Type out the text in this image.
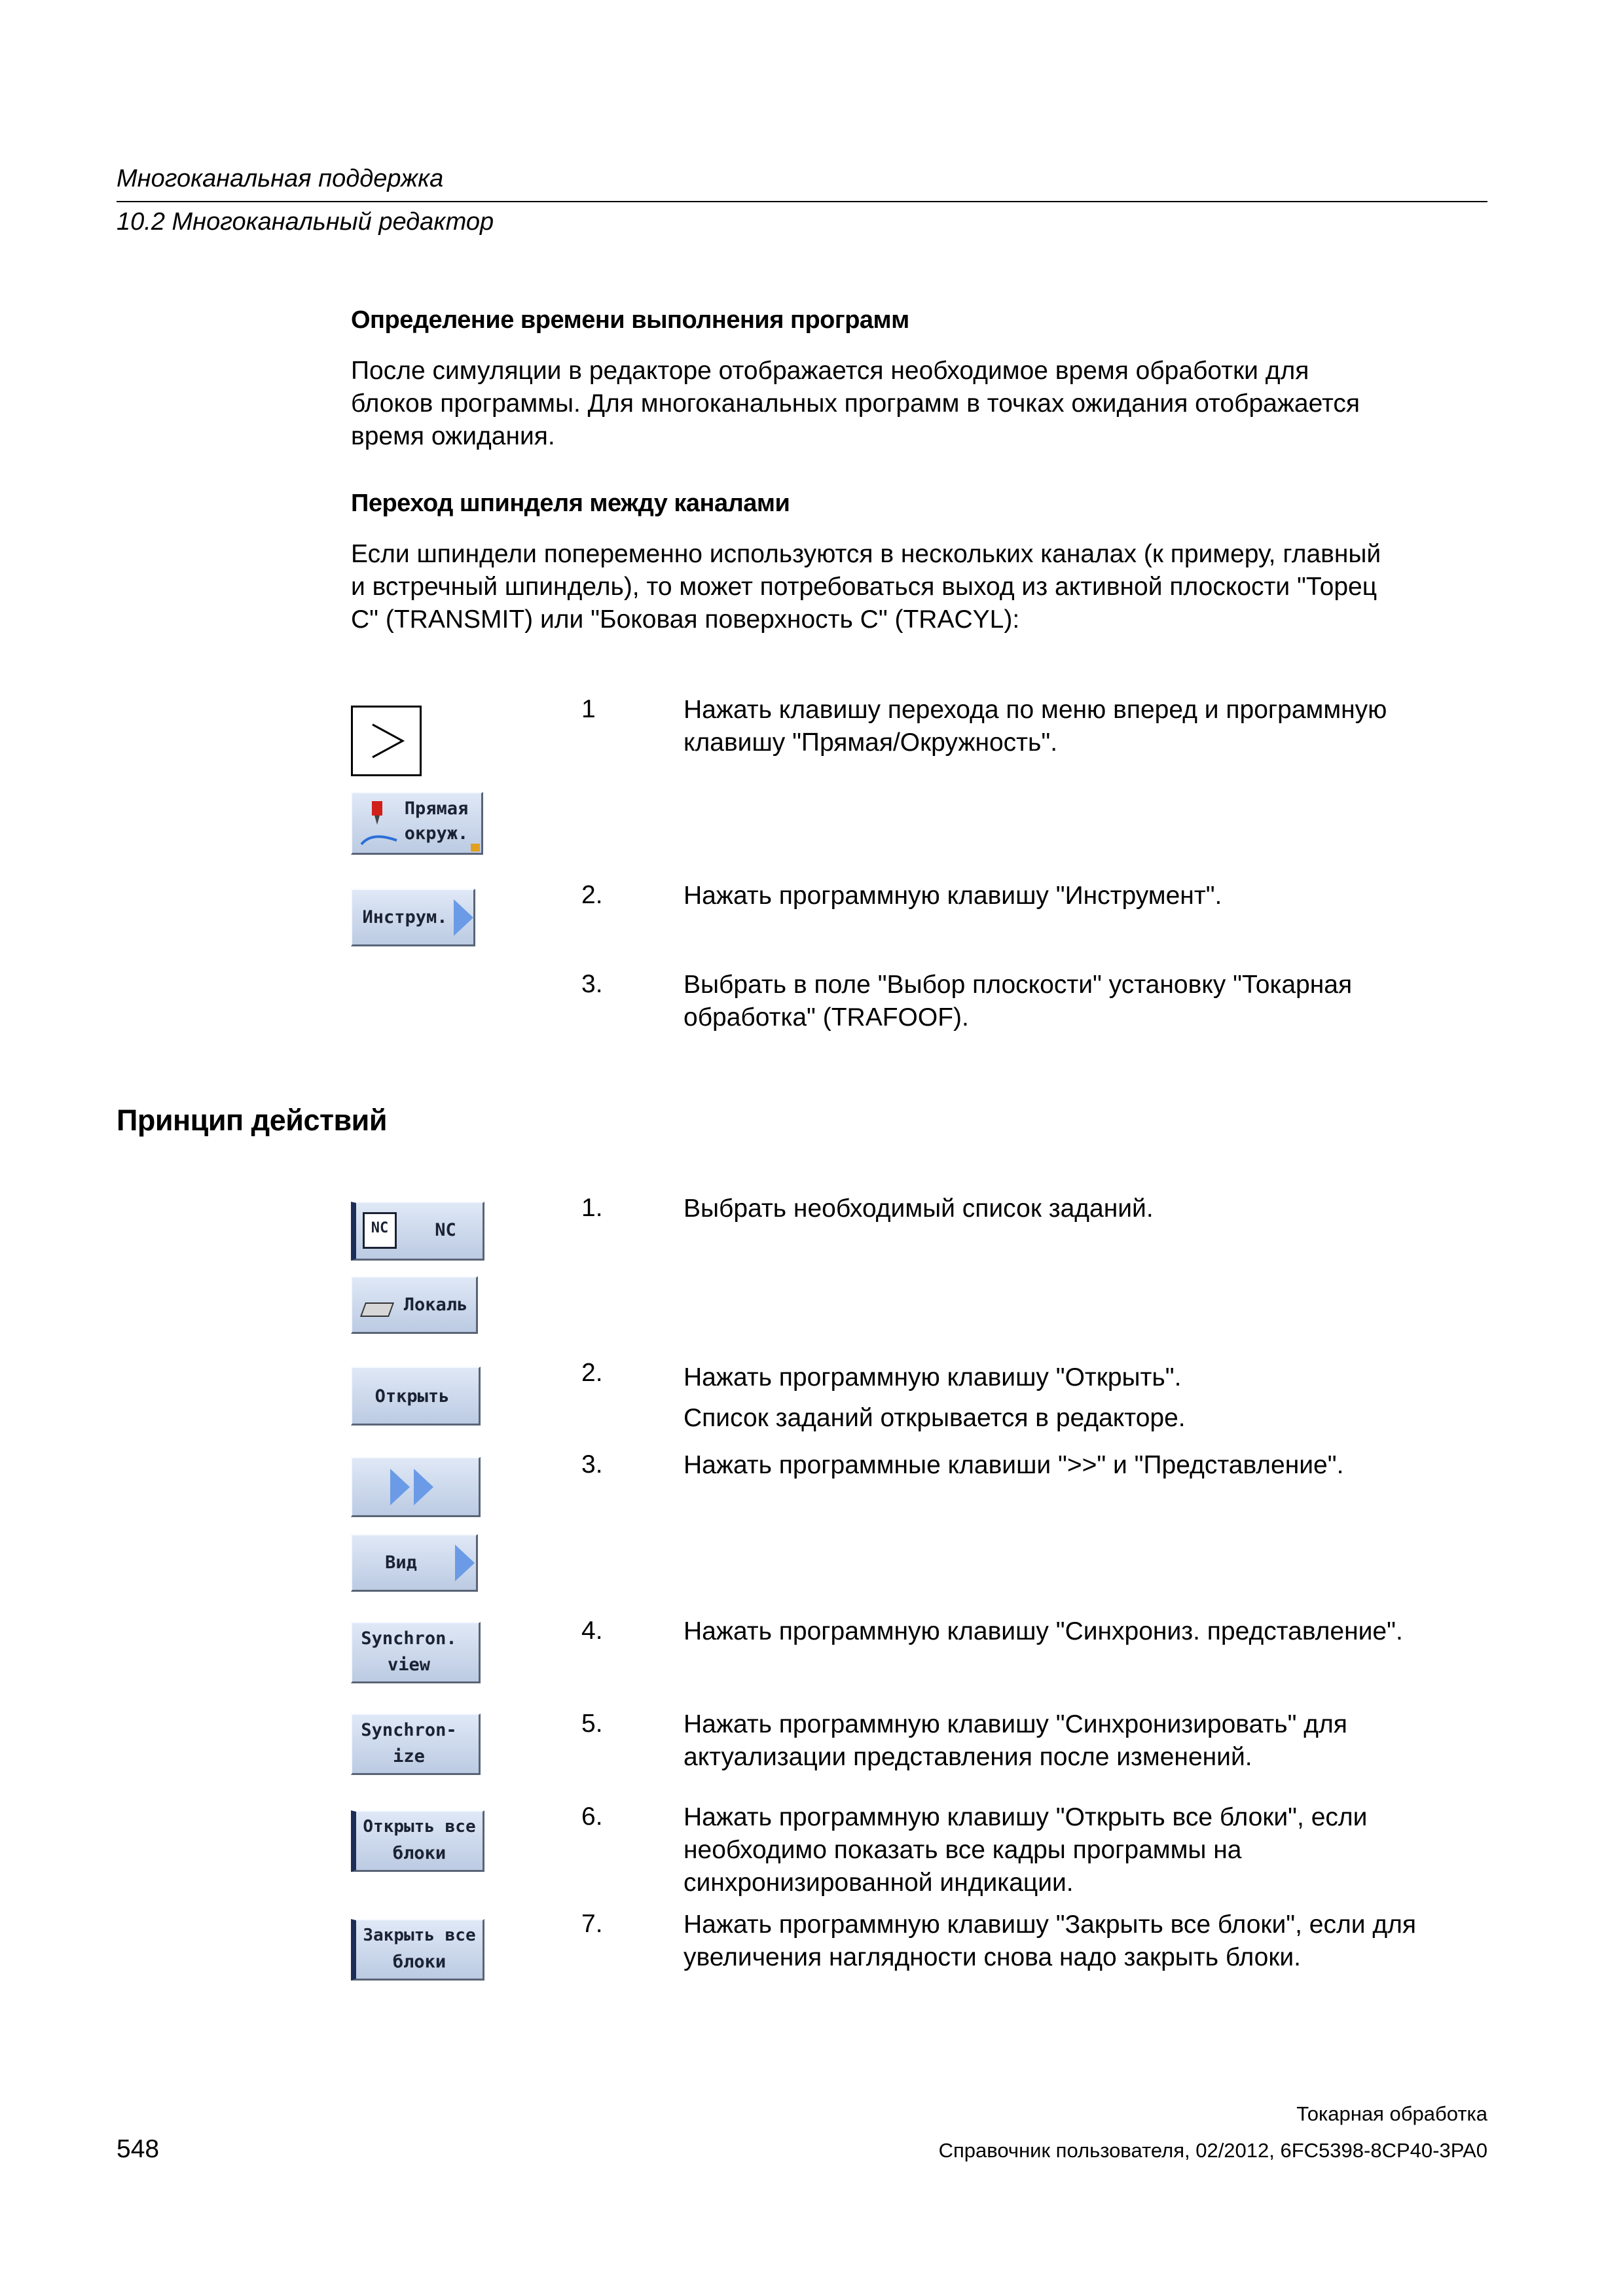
Многоканальная поддержка
10.2 Многоканальный редактор
Определение времени выполнения программ
После симуляции в редакторе отображается необходимое время обработки для
блоков программы. Для многоканальных программ в точках ожидания отображается
время ожидания.
Переход шпинделя между каналами
Если шпиндели попеременно используются в нескольких каналах (к примеру, главный
и встречный шпиндель), то может потребоваться выход из активной плоскости "Торец
C" (TRANSMIT) или "Боковая поверхность C" (TRACYL):
Прямая
окруж.
Инструм.
1	Нажать клавишу перехода по меню вперед и программную
клавишу "Прямая/Окружность".
2.	Нажать программную клавишу "Инструмент".
3.	Выбрать в поле "Выбор плоскости" установку "Токарная
обработка" (TRAFOOF).
Принцип действий
NC	NC
Локаль
Открыть
Вид
Synchron.
view
Synchron-
ize
Открыть все
блоки
Закрыть все
блоки
1.	Выбрать необходимый список заданий.
2.	Нажать программную клавишу "Открыть".
Список заданий открывается в редакторе.
3.	Нажать программные клавиши ">>" и "Представление".
4.	Нажать программную клавишу "Синхрониз. представление".
5.	Нажать программную клавишу "Синхронизировать" для
актуализации представления после изменений.
6.	Нажать программную клавишу "Открыть все блоки", если
необходимо показать все кадры программы на
синхронизированной индикации.
7.	Нажать программную клавишу "Закрыть все блоки", если для
увеличения наглядности снова надо закрыть блоки.
Токарная обработка
548	Справочник пользователя, 02/2012, 6FC5398-8CP40-3PA0
